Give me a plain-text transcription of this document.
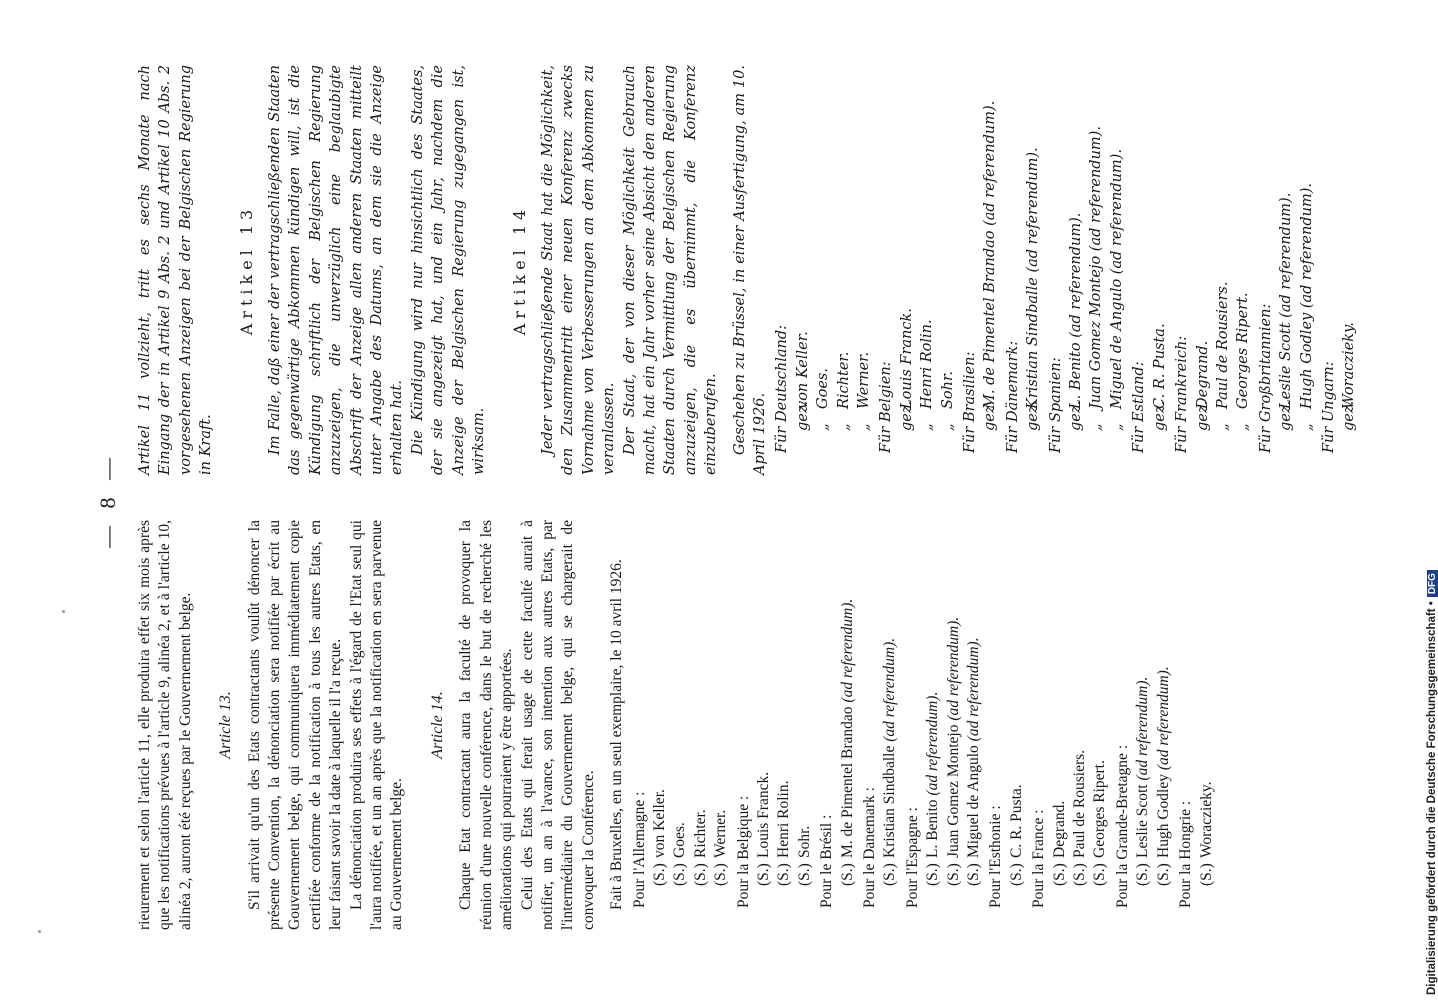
— 8 —

rieurement et selon l'article 11, elle produira effet six mois après que les notifications prévues à l'article 9, alinéa 2, et à l'article 10, alinéa 2, auront été reçues par le Gouvernement belge. Article 13. S'il arrivait qu'un des Etats contractants voulût dénoncer la présente Convention, la dénonciation sera notifiée par écrit au Gouvernement belge, qui communiquera immédiatement copie certifiée conforme de la notification à tous les autres Etats, en leur faisant savoir la date à laquelle il l'a reçue. La dénonciation produira ses effets à l'égard de l'Etat seul qui l'aura notifiée, et un an après que la notification en sera parvenue au Gouvernement belge.

Article 14. Chaque Etat contractant aura la faculté de provoquer la réunion d'une nouvelle conférence, dans le but de recherché les améliorations qui pourraient y être apportées. Celui des Etats qui ferait usage de cette faculté aurait à notifier, un an à l'avance, son intention aux autres Etats, par l'intermédiaire du Gouvernement belge, qui se chargerait de convoquer la Conférence. Fait à Bruxelles, en un seul exemplaire, le 10 avril 1926. Pour l'Allemagne : (S.)von Keller.
(S.)Goes.
(S.)Richter.
(S.)Werner. Pour la Belgique : (S.)Louis Franck.
(S.)Henri Rolin.
(S.)Sohr. Pour le Brésil : (S.)M. de Pimentel Brandao (ad referendum).
Pour le Danemark : (S.)Kristian Sindballe (ad referendum).
Pour l'Espagne : (S.)L. Benito (ad referendum).
(S.)Juan Gomez Montejo (ad referendum).
(S.)Miguel de Angulo (ad referendum).
Pour l'Esthonie : (S.)C. R. Pusta. Pour la France : (S.)Degrand.
(S.)Paul de Rousiers.
(S.)Georges Ripert. Pour la Grande-Bretagne : (S.)Leslie Scott (ad referendum).
(S.)Hugh Godley (ad referendum).
Pour la Hongrie : (S.)Woraczieky.

Artikel 11 vollzieht, tritt es sechs Monate nach Eingang der in Artikel 9 Abs. 2 und Artikel 10 Abs. 2 vorgesehenen Anzeigen bei der Belgischen Regierung in Kraft.

Artikel 13 Im Falle, daß einer der vertragschließenden Staaten das gegenwärtige Abkommen kündigen will, ist die Kündigung schriftlich der Belgischen Regierung anzuzeigen, die unverzüglich eine beglaubigte Abschrift der Anzeige allen anderen Staaten mitteilt unter Angabe des Datums, an dem sie die Anzeige erhalten hat. Die Kündigung wird nur hinsichtlich des Staates, der sie angezeigt hat, und ein Jahr, nachdem die Anzeige der Belgischen Regierung zugegangen ist, wirksam.

Artikel 14 Jeder vertragschließende Staat hat die Möglichkeit, den Zusammentritt einer neuen Konferenz zwecks Vornahme von Verbesserungen an dem Abkommen zu veranlassen. Der Staat, der von dieser Möglichkeit Gebrauch macht, hat ein Jahr vorher seine Absicht den anderen Staaten durch Vermittlung der Belgischen Regierung anzuzeigen, die es übernimmt, die Konferenz einzuberufen. Geschehen zu Brüssel, in einer Ausfertigung, am 10. April 1926. Für Deutschland: gez.von Keller.
„Goes.
„Richter.
„Werner. Für Belgien: gez.Louis Franck.
„Henri Rolin.
„Sohr. Für Brasilien: gez.M. de Pimentel Brandao (ad referendum).
Für Dänemark: gez.Kristian Sindballe (ad referendum).
Für Spanien: gez.L. Benito (ad referendum).
„Juan Gomez Montejo (ad referendum).
„Miguel de Angulo (ad referendum).
Für Estland: gez.C. R. Pusta. Für Frankreich: gez.Degrand.
„Paul de Rousiers.
„Georges Ripert. Für Großbritannien: gez.Leslie Scott (ad referendum).
„Hugh Godley (ad referendum).
Für Ungarn: gez.Woraczieky.
Digitalisierung gefördert durch die Deutsche Forschungsgemeinschaft •DFG
